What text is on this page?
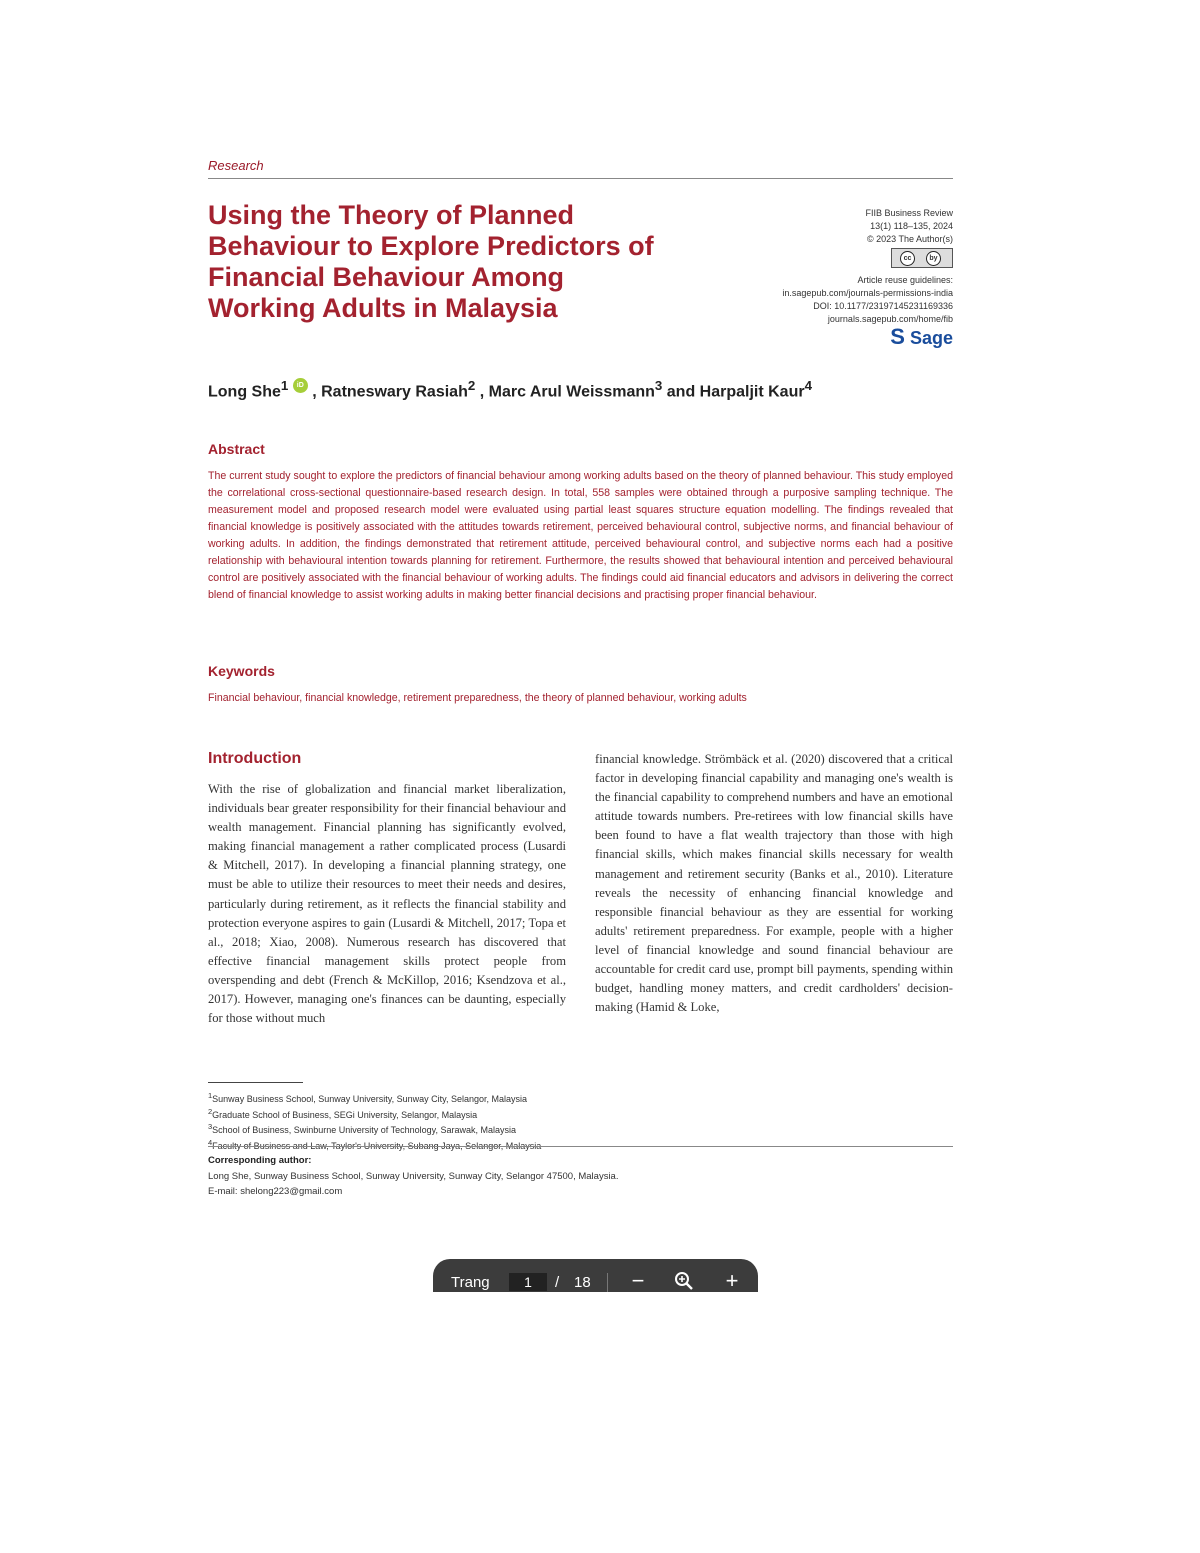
Research
Using the Theory of Planned Behaviour to Explore Predictors of Financial Behaviour Among Working Adults in Malaysia
FIIB Business Review
13(1) 118–135, 2024
© 2023 The Author(s)
cc	by
Article reuse guidelines:
in.sagepub.com/journals-permissions-india
DOI: 10.1177/23197145231169336
journals.sagepub.com/home/fib
S Sage
Long She$^1$ iD , Ratneswary Rasiah$^2$ , Marc Arul Weissmann$^3$ and Harpaljit Kaur$^4$
Abstract
The current study sought to explore the predictors of financial behaviour among working adults based on the theory of planned behaviour. This study employed the correlational cross-sectional questionnaire-based research design. In total, 558 samples were obtained through a purposive sampling technique. The measurement model and proposed research model were evaluated using partial least squares structure equation modelling. The findings revealed that financial knowledge is positively associated with the attitudes towards retirement, perceived behavioural control, subjective norms, and financial behaviour of working adults. In addition, the findings demonstrated that retirement attitude, perceived behavioural control, and subjective norms each had a positive relationship with behavioural intention towards planning for retirement. Furthermore, the results showed that behavioural intention and perceived behavioural control are positively associated with the financial behaviour of working adults. The findings could aid financial educators and advisors in delivering the correct blend of financial knowledge to assist working adults in making better financial decisions and practising proper financial behaviour.
Keywords
Financial behaviour, financial knowledge, retirement preparedness, the theory of planned behaviour, working adults
Introduction
With the rise of globalization and financial market liberalization, individuals bear greater responsibility for their financial behaviour and wealth management. Financial planning has significantly evolved, making financial management a rather complicated process (Lusardi & Mitchell, 2017). In developing a financial planning strategy, one must be able to utilize their resources to meet their needs and desires, particularly during retirement, as it reflects the financial stability and protection everyone aspires to gain (Lusardi & Mitchell, 2017; Topa et al., 2018; Xiao, 2008). Numerous research has discovered that effective financial management skills protect people from overspending and debt (French & McKillop, 2016; Ksendzova et al., 2017). However, managing one's finances can be daunting, especially for those without much
financial knowledge. Strömbäck et al. (2020) discovered that a critical factor in developing financial capability and managing one's wealth is the financial capability to comprehend numbers and have an emotional attitude towards numbers. Pre-retirees with low financial skills have been found to have a flat wealth trajectory than those with high financial skills, which makes financial skills necessary for wealth management and retirement security (Banks et al., 2010). Literature reveals the necessity of enhancing financial knowledge and responsible financial behaviour as they are essential for working adults' retirement preparedness. For example, people with a higher level of financial knowledge and sound financial behaviour are accountable for credit card use, prompt bill payments, spending within budget, handling money matters, and credit cardholders' decision-making (Hamid & Loke,
$^1$Sunway Business School, Sunway University, Sunway City, Selangor, Malaysia
$^2$Graduate School of Business, SEGi University, Selangor, Malaysia
$^3$School of Business, Swinburne University of Technology, Sarawak, Malaysia
$^4$
Corresponding author:
Long She, Sunway Business School, Sunway University, Sunway City, Selangor 47500, Malaysia.
E-mail: shelong223@gmail.com
Trang
1	/ 18 −	+
